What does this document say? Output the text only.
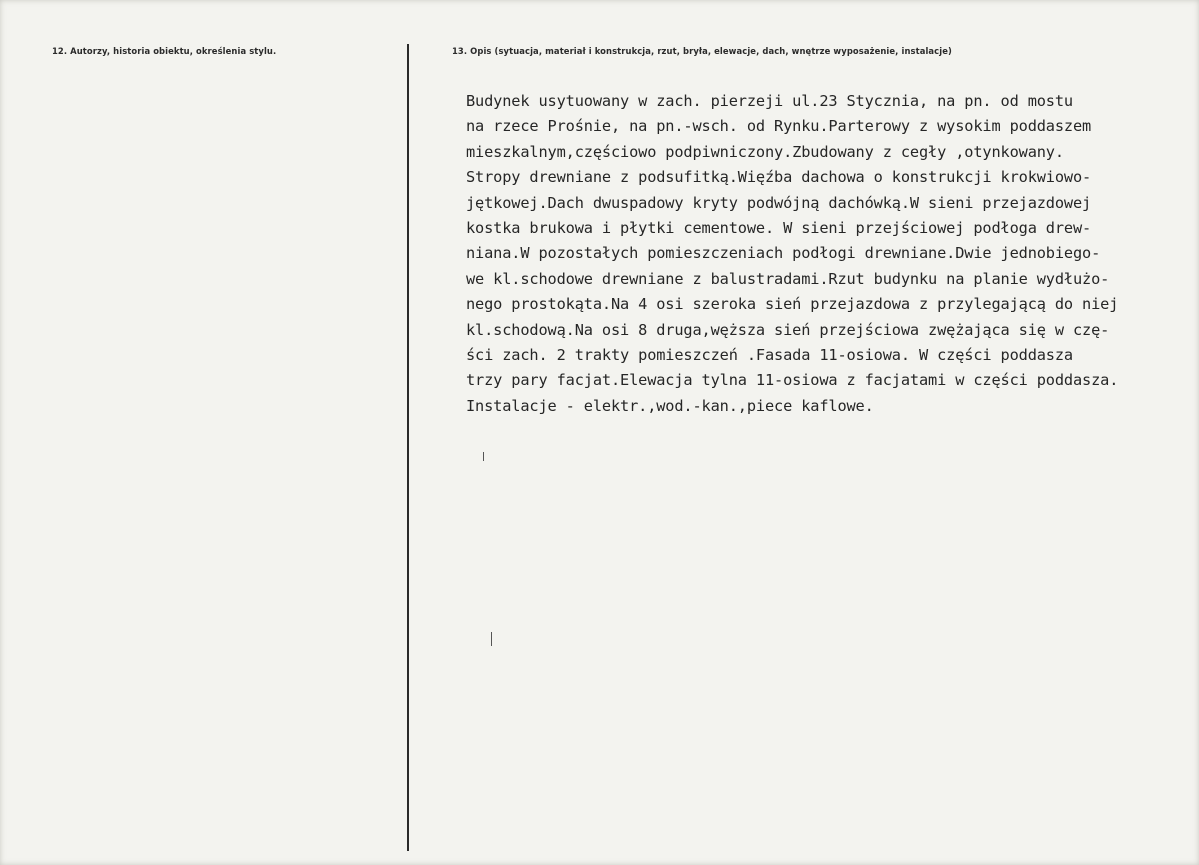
12. Autorzy, historia obiektu, określenia stylu.	13. Opis (sytuacja, materiał i konstrukcja, rzut, bryła, elewacje, dach, wnętrze wyposażenie, instalacje)
Budynek usytuowany w zach. pierzeji ul.23 Stycznia, na pn. od mostu
na rzece Prośnie, na pn.-wsch. od Rynku.Parterowy z wysokim poddaszem
mieszkalnym,częściowo podpiwniczony.Zbudowany z cegły ,otynkowany.
Stropy drewniane z podsufitką.Więźba dachowa o konstrukcji krokwiowo-
jętkowej.Dach dwuspadowy kryty podwójną dachówką.W sieni przejazdowej
kostka brukowa i płytki cementowe. W sieni przejściowej podłoga drew-
niana.W pozostałych pomieszczeniach podłogi drewniane.Dwie jednobiego-
we kl.schodowe drewniane z balustradami.Rzut budynku na planie wydłużo-
nego prostokąta.Na 4 osi szeroka sień przejazdowa z przylegającą do niej
kl.schodową.Na osi 8 druga,węższa sień przejściowa zwężająca się w czę-
ści zach. 2 trakty pomieszczeń .Fasada 11-osiowa. W części poddasza
trzy pary facjat.Elewacja tylna 11-osiowa z facjatami w części poddasza.
Instalacje - elektr.,wod.-kan.,piece kaflowe.
